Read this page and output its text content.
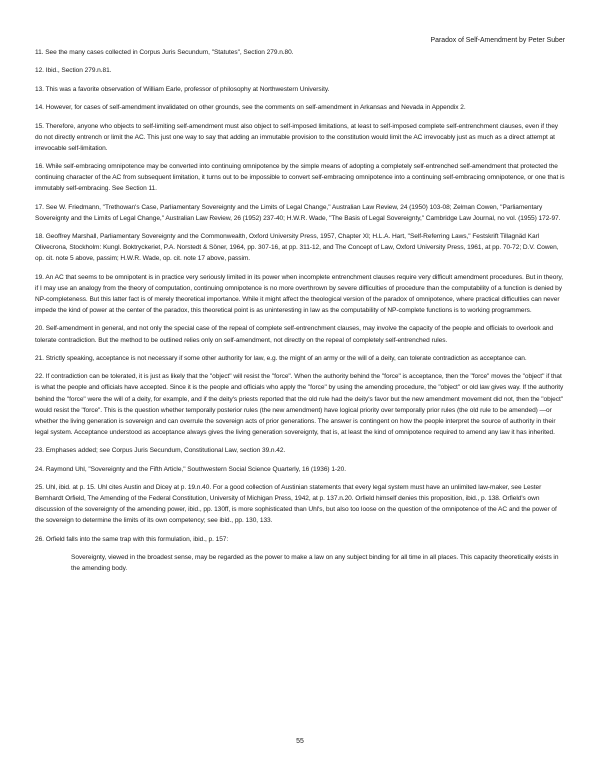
Paradox of Self-Amendment by Peter Suber

11. See the many cases collected in Corpus Juris Secundum, "Statutes", Section 279.n.80.

12. Ibid., Section 279.n.81.

13. This was a favorite observation of William Earle, professor of philosophy at Northwestern University.

14. However, for cases of self-amendment invalidated on other grounds, see the comments on self-amendment in Arkansas and Nevada in Appendix 2.

15. Therefore, anyone who objects to self-limiting self-amendment must also object to self-imposed limitations, at least to self-imposed complete self-entrenchment clauses, even if they do not directly entrench or limit the AC. This just one way to say that adding an immutable provision to the constitution would limit the AC irrevocably just as much as a direct attempt at irrevocable self-limitation.

16. While self-embracing omnipotence may be converted into continuing omnipotence by the simple means of adopting a completely self-entrenched self-amendment that protected the continuing character of the AC from subsequent limitation, it turns out to be impossible to convert self-embracing omnipotence into a continuing self-embracing omnipotence, or one that is immutably self-embracing. See Section 11.

17. See W. Friedmann, "Trethowan's Case, Parliamentary Sovereignty and the Limits of Legal Change," Australian Law Review, 24 (1950) 103-08; Zelman Cowen, "Parliamentary Sovereignty and the Limits of Legal Change," Australian Law Review, 26 (1952) 237-40; H.W.R. Wade, "The Basis of Legal Sovereignty," Cambridge Law Journal, no vol. (1955) 172-97.

18. Geoffrey Marshall, Parliamentary Sovereignty and the Commonwealth, Oxford University Press, 1957, Chapter XI; H.L.A. Hart, "Self-Referring Laws," Festskrift Tillagnäd Karl Olivecrona, Stockholm: Kungl. Boktryckeriet, P.A. Norstedt & Söner, 1964, pp. 307-16, at pp. 311-12, and The Concept of Law, Oxford University Press, 1961, at pp. 70-72; D.V. Cowen, op. cit. note 5 above, passim; H.W.R. Wade, op. cit. note 17 above, passim.

19. An AC that seems to be omnipotent is in practice very seriously limited in its power when incomplete entrenchment clauses require very difficult amendment procedures. But in theory, if I may use an analogy from the theory of computation, continuing omnipotence is no more overthrown by severe difficulties of procedure than the computability of a function is denied by NP-completeness. But this latter fact is of merely theoretical importance. While it might affect the theological version of the paradox of omnipotence, where practical difficulties can never impede the kind of power at the center of the paradox, this theoretical point is as uninteresting in law as the computability of NP-complete functions is to working programmers.

20. Self-amendment in general, and not only the special case of the repeal of complete self-entrenchment clauses, may involve the capacity of the people and officials to overlook and tolerate contradiction. But the method to be outlined relies only on self-amendment, not directly on the repeal of completely self-entrenched rules.

21. Strictly speaking, acceptance is not necessary if some other authority for law, e.g. the might of an army or the will of a deity, can tolerate contradiction as acceptance can.

22. If contradiction can be tolerated, it is just as likely that the "object" will resist the "force". When the authority behind the "force" is acceptance, then the "force" moves the "object" if that is what the people and officials have accepted. Since it is the people and officials who apply the "force" by using the amending procedure, the "object" or old law gives way. If the authority behind the "force" were the will of a deity, for example, and if the deity's priests reported that the old rule had the deity's favor but the new amendment movement did not, then the "object" would resist the "force". This is the question whether temporally posterior rules (the new amendment) have logical priority over temporally prior rules (the old rule to be amended) —or whether the living generation is sovereign and can overrule the sovereign acts of prior generations. The answer is contingent on how the people interpret the source of authority in their legal system. Acceptance understood as acceptance always gives the living generation sovereignty, that is, at least the kind of omnipotence required to amend any law it has inherited.

23. Emphases added; see Corpus Juris Secundum, Constitutional Law, section 39.n.42.

24. Raymond Uhl, "Sovereignty and the Fifth Article," Southwestern Social Science Quarterly, 16 (1936) 1-20.

25. Uhl, ibid. at p. 15. Uhl cites Austin and Dicey at p. 19.n.40. For a good collection of Austinian statements that every legal system must have an unlimited law-maker, see Lester Bernhardt Orfield, The Amending of the Federal Constitution, University of Michigan Press, 1942, at p. 137.n.20. Orfield himself denies this proposition, ibid., p. 138. Orfield's own discussion of the sovereignty of the amending power, ibid., pp. 130ff, is more sophisticated than Uhl's, but also too loose on the question of the omnipotence of the AC and the power of the sovereign to determine the limits of its own competency; see ibid., pp. 130, 133.

26. Orfield falls into the same trap with this formulation, ibid., p. 157:

Sovereignty, viewed in the broadest sense, may be regarded as the power to make a law on any subject binding for all time in all places. This capacity theoretically exists in the amending body.

55
